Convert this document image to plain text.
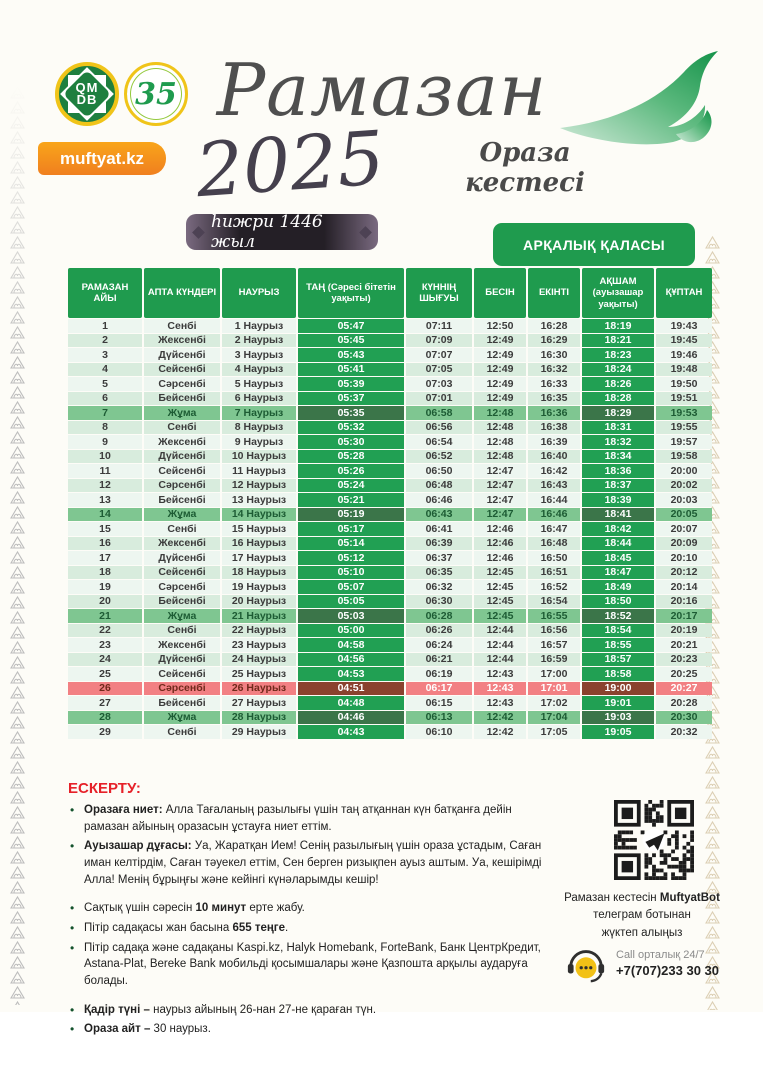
QM
DB 35
muftyat.kz
Рамазан
2025	Ораза кестесі
һижри 1446 жыл	АРҚАЛЫҚ ҚАЛАСЫ
РАМАЗАН АЙЫ	АПТА КҮНДЕРІ	НАУРЫЗ	ТАҢ (Сәресі бітетін уақыты)	КҮННІҢ ШЫҒУЫ	БЕСІН	ЕКІНТІ	АҚШАМ (ауызашар уақыты)	ҚҰПТАН
1	Сенбі	1 Наурыз	05:47	07:11	12:50	16:28	18:19	19:43
2	Жексенбі	2 Наурыз	05:45	07:09	12:49	16:29	18:21	19:45
3	Дүйсенбі	3 Наурыз	05:43	07:07	12:49	16:30	18:23	19:46
4	Сейсенбі	4 Наурыз	05:41	07:05	12:49	16:32	18:24	19:48
5	Сәрсенбі	5 Наурыз	05:39	07:03	12:49	16:33	18:26	19:50
6	Бейсенбі	6 Наурыз	05:37	07:01	12:49	16:35	18:28	19:51
7	Жұма	7 Наурыз	05:35	06:58	12:48	16:36	18:29	19:53
8	Сенбі	8 Наурыз	05:32	06:56	12:48	16:38	18:31	19:55
9	Жексенбі	9 Наурыз	05:30	06:54	12:48	16:39	18:32	19:57
10	Дүйсенбі	10 Наурыз	05:28	06:52	12:48	16:40	18:34	19:58
11	Сейсенбі	11 Наурыз	05:26	06:50	12:47	16:42	18:36	20:00
12	Сәрсенбі	12 Наурыз	05:24	06:48	12:47	16:43	18:37	20:02
13	Бейсенбі	13 Наурыз	05:21	06:46	12:47	16:44	18:39	20:03
14	Жұма	14 Наурыз	05:19	06:43	12:47	16:46	18:41	20:05
15	Сенбі	15 Наурыз	05:17	06:41	12:46	16:47	18:42	20:07
16	Жексенбі	16 Наурыз	05:14	06:39	12:46	16:48	18:44	20:09
17	Дүйсенбі	17 Наурыз	05:12	06:37	12:46	16:50	18:45	20:10
18	Сейсенбі	18 Наурыз	05:10	06:35	12:45	16:51	18:47	20:12
19	Сәрсенбі	19 Наурыз	05:07	06:32	12:45	16:52	18:49	20:14
20	Бейсенбі	20 Наурыз	05:05	06:30	12:45	16:54	18:50	20:16
21	Жұма	21 Наурыз	05:03	06:28	12:45	16:55	18:52	20:17
22	Сенбі	22 Наурыз	05:00	06:26	12:44	16:56	18:54	20:19
23	Жексенбі	23 Наурыз	04:58	06:24	12:44	16:57	18:55	20:21
24	Дүйсенбі	24 Наурыз	04:56	06:21	12:44	16:59	18:57	20:23
25	Сейсенбі	25 Наурыз	04:53	06:19	12:43	17:00	18:58	20:25
26	Сәрсенбі	26 Наурыз	04:51	06:17	12:43	17:01	19:00	20:27
27	Бейсенбі	27 Наурыз	04:48	06:15	12:43	17:02	19:01	20:28
28	Жұма	28 Наурыз	04:46	06:13	12:42	17:04	19:03	20:30
29	Сенбі	29 Наурыз	04:43	06:10	12:42	17:05	19:05	20:32
ЕСКЕРТУ:
• Оразаға ниет: Алла Тағаланың разылығы үшін таң атқаннан күн батқанға дейін рамазан айының оразасын ұстауға ниет еттім.
• Ауызашар дұғасы: Уа, Жаратқан Ием! Сенің разылығың үшін ораза ұстадым, Саған иман келтірдім, Саған тәуекел еттім, Сен берген ризықпен ауыз аштым. Уа, кешірімді Алла! Менің бұрыңғы және кейінгі күнәларымды кешір!
• Сақтық үшін сәресін 10 минут ерте жабу.
• Пітір садақасы жан басына 655 теңге.
• Пітір садақа және садақаны Kaspi.kz, Halyk Homebank, ForteBank, Банк ЦентрКредит, Astana-Plat, Bereke Bank мобильді қосымшалары және Қазпошта арқылы аударуға болады.
• Қадір түні – наурыз айының 26-нан 27-не қараған түн.
• Ораза айт – 30 наурыз.
Рамазан кестесін MuftyatBot
телеграм ботынан
жүктеп алыңыз
Call орталық 24/7
+7(707)233 30 30
